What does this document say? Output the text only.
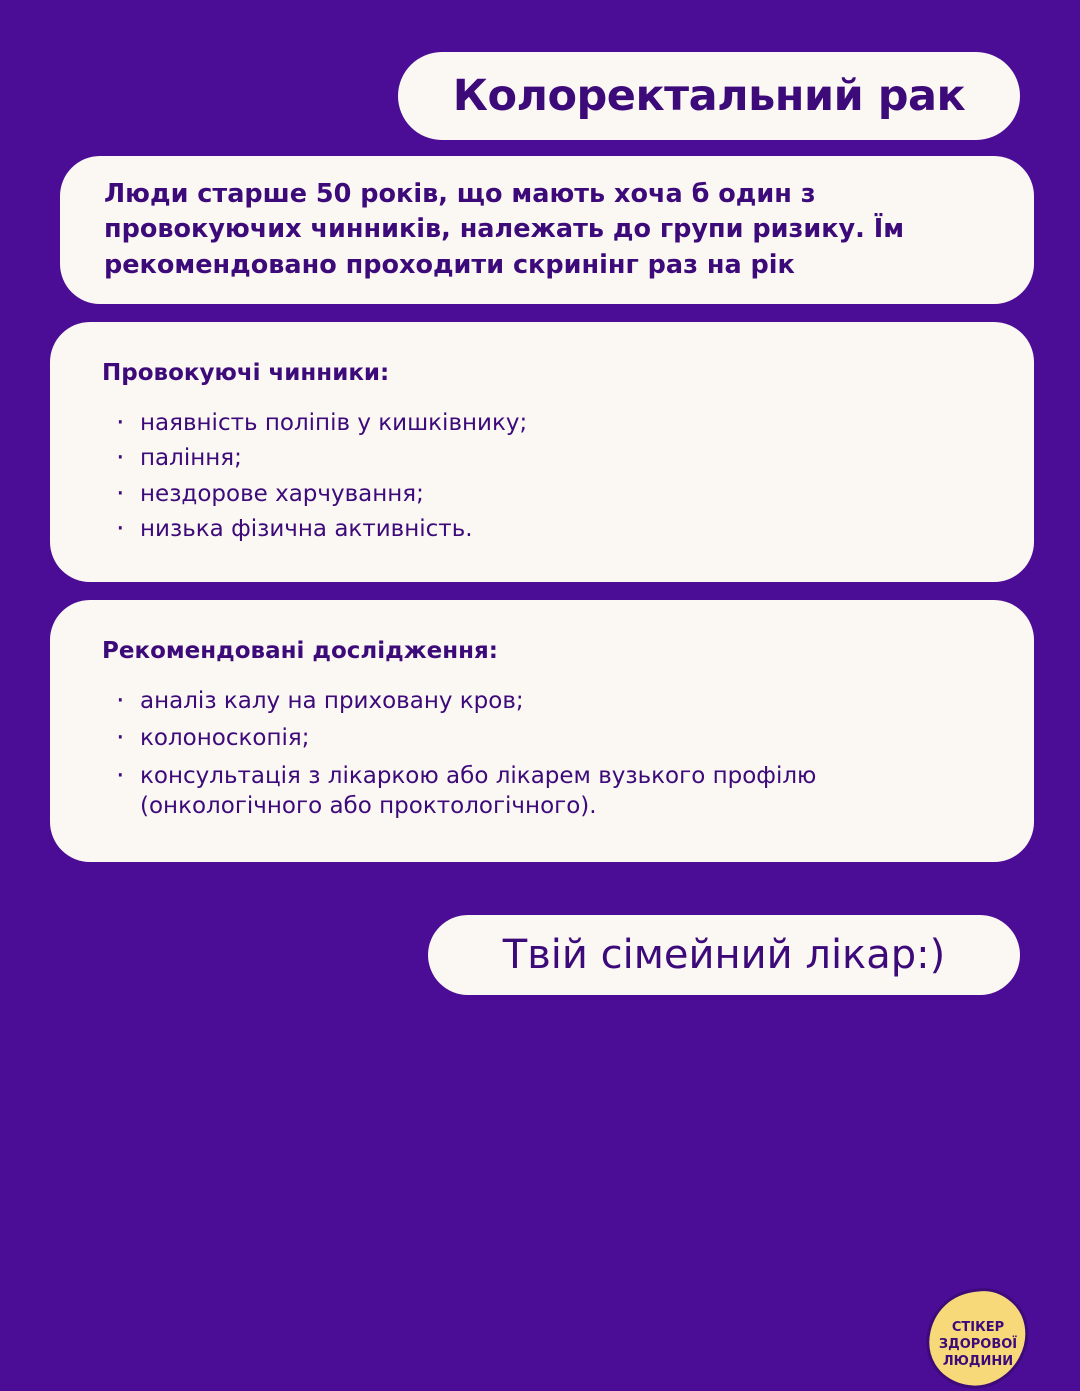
Колоректальний рак
Люди старше 50 років, що мають хоча б один з провокуючих чинників, належать до групи ризику. Їм рекомендовано проходити скринінг раз на рік
Провокуючі чинники:
· наявність поліпів у кишківнику;
· паління;
· нездорове харчування;
· низька фізична активність.
Рекомендовані дослідження:
· аналіз калу на приховану кров;
· колоноскопія;
· консультація з лікаркою або лікарем вузького профілю (онкологічного або проктологічного).
СТІКЕР
ЗДОРОВОЇ
ЛЮДИНИ
Твій сімейний лікар:)
